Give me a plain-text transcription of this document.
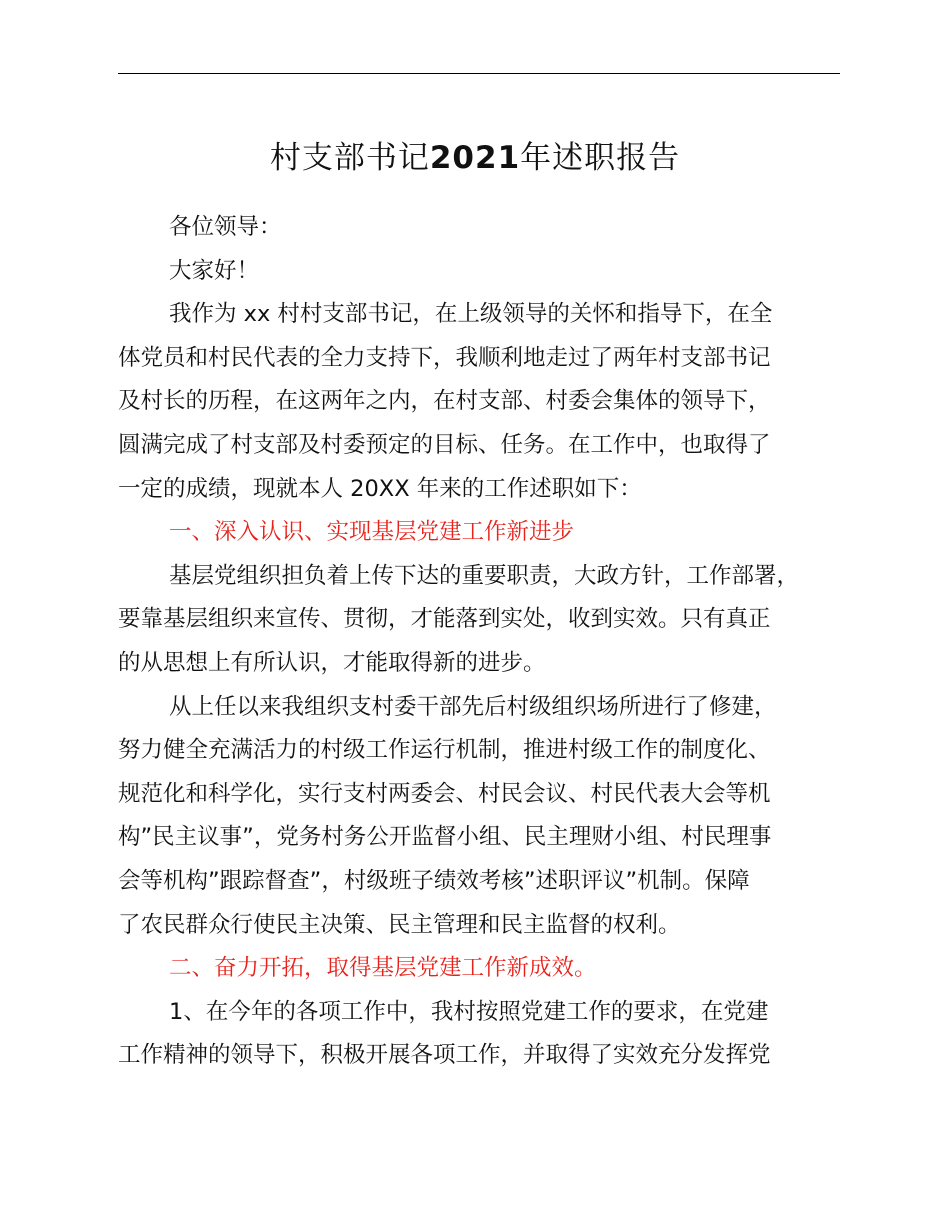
村支部书记2021年述职报告
各位领导：
大家好！
我作为 xx 村村支部书记，在上级领导的关怀和指导下，在全
体党员和村民代表的全力支持下，我顺利地走过了两年村支部书记
及村长的历程，在这两年之内，在村支部、村委会集体的领导下，
圆满完成了村支部及村委预定的目标、任务。在工作中，也取得了
一定的成绩，现就本人 20XX 年来的工作述职如下：
一、深入认识、实现基层党建工作新进步
基层党组织担负着上传下达的重要职责，大政方针，工作部署，
要靠基层组织来宣传、贯彻，才能落到实处，收到实效。只有真正
的从思想上有所认识，才能取得新的进步。
从上任以来我组织支村委干部先后村级组织场所进行了修建，
努力健全充满活力的村级工作运行机制，推进村级工作的制度化、
规范化和科学化，实行支村两委会、村民会议、村民代表大会等机
构”民主议事”，党务村务公开监督小组、民主理财小组、村民理事
会等机构”跟踪督查”，村级班子绩效考核”述职评议”机制。保障
了农民群众行使民主决策、民主管理和民主监督的权利。
二、奋力开拓，取得基层党建工作新成效。
1、在今年的各项工作中，我村按照党建工作的要求，在党建
工作精神的领导下，积极开展各项工作，并取得了实效充分发挥党
